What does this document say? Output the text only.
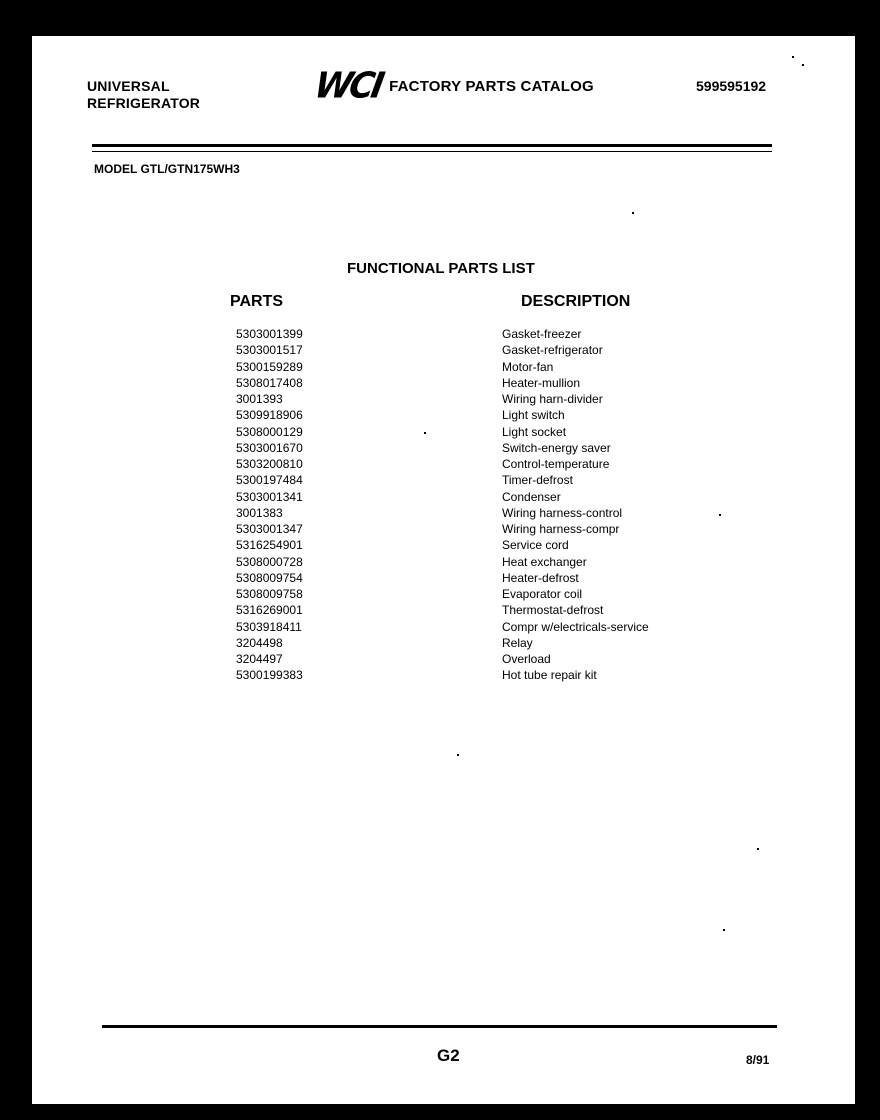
UNIVERSAL
REFRIGERATOR	WCI FACTORY PARTS CATALOG	599595192
MODEL GTL/GTN175WH3
FUNCTIONAL PARTS LIST
PARTS	DESCRIPTION
5303001399	Gasket-freezer
5303001517	Gasket-refrigerator
5300159289	Motor-fan
5308017408	Heater-mullion
3001393	Wiring harn-divider
5309918906	Light switch
5308000129	Light socket
5303001670	Switch-energy saver
5303200810	Control-temperature
5300197484	Timer-defrost
5303001341	Condenser
3001383	Wiring harness-control
5303001347	Wiring harness-compr
5316254901	Service cord
5308000728	Heat exchanger
5308009754	Heater-defrost
5308009758	Evaporator coil
5316269001	Thermostat-defrost
5303918411	Compr w/electricals-service
3204498	Relay
3204497	Overload
5300199383	Hot tube repair kit
G2	8/91
